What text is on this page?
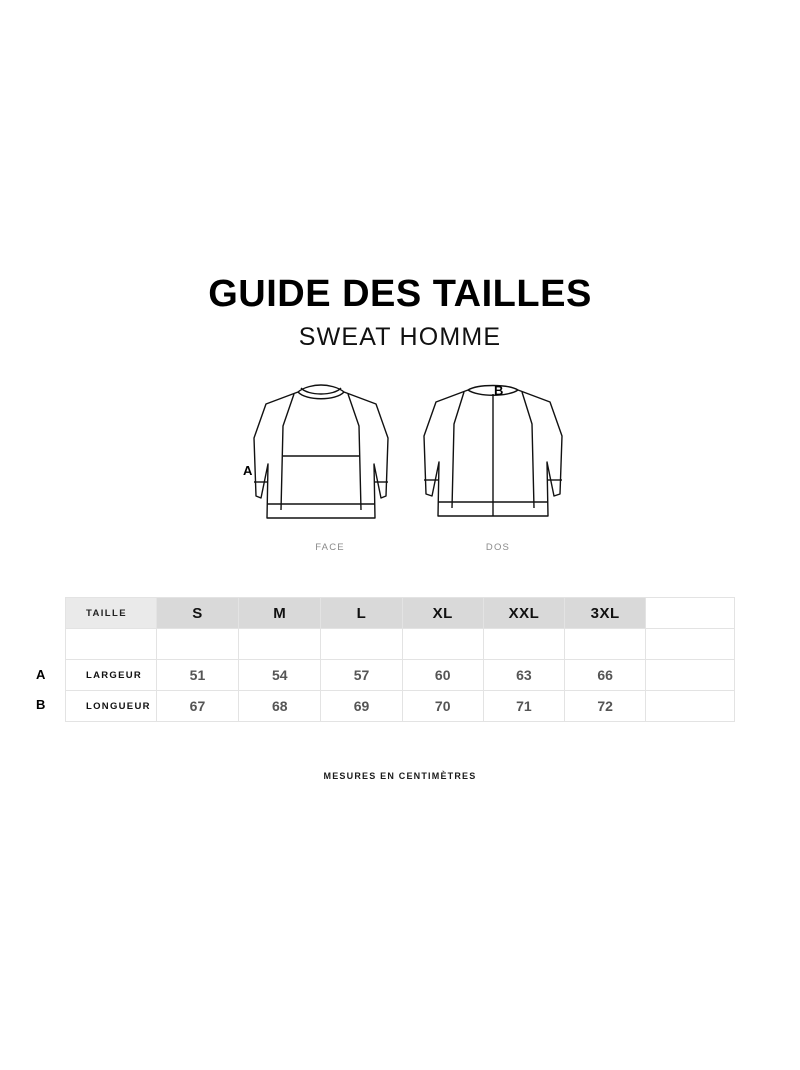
GUIDE DES TAILLES
SWEAT HOMME
A
B
FACE	DOS
A
B
TAILLE	S	M	L	XL	XXL	3XL	

LARGEUR	51	54	57	60	63	66	
LONGUEUR	67	68	69	70	71	72	
MESURES EN CENTIMÈTRES
